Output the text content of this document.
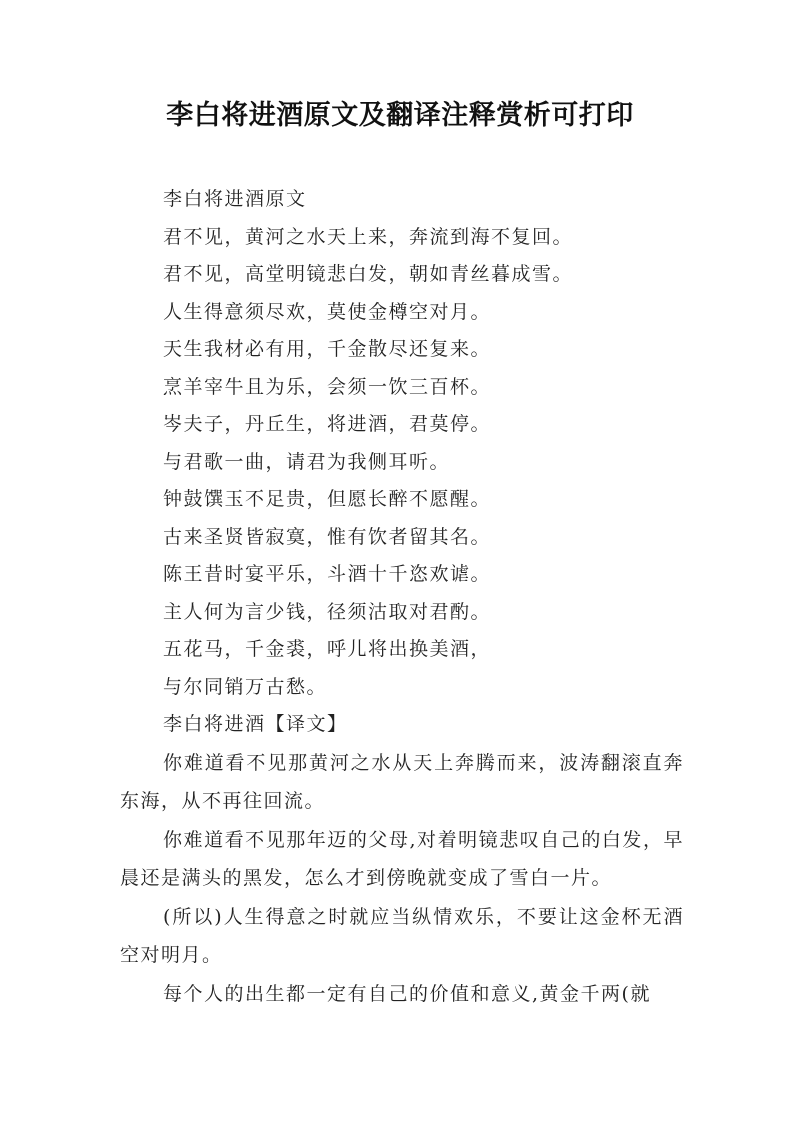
李白将进酒原文及翻译注释赏析可打印

李白将进酒原文

君不见，黄河之水天上来，奔流到海不复回。

君不见，高堂明镜悲白发，朝如青丝暮成雪。

人生得意须尽欢，莫使金樽空对月。

天生我材必有用，千金散尽还复来。

烹羊宰牛且为乐，会须一饮三百杯。

岑夫子，丹丘生，将进酒，君莫停。

与君歌一曲，请君为我侧耳听。

钟鼓馔玉不足贵，但愿长醉不愿醒。

古来圣贤皆寂寞，惟有饮者留其名。

陈王昔时宴平乐，斗酒十千恣欢谑。

主人何为言少钱，径须沽取对君酌。

五花马，千金裘，呼儿将出换美酒，

与尔同销万古愁。

李白将进酒【译文】

你难道看不见那黄河之水从天上奔腾而来，波涛翻滚直奔东海，从不再往回流。

你难道看不见那年迈的父母,对着明镜悲叹自己的白发，早晨还是满头的黑发，怎么才到傍晚就变成了雪白一片。

(所以)人生得意之时就应当纵情欢乐，不要让这金杯无酒空对明月。

每个人的出生都一定有自己的价值和意义,黄金千两(就
